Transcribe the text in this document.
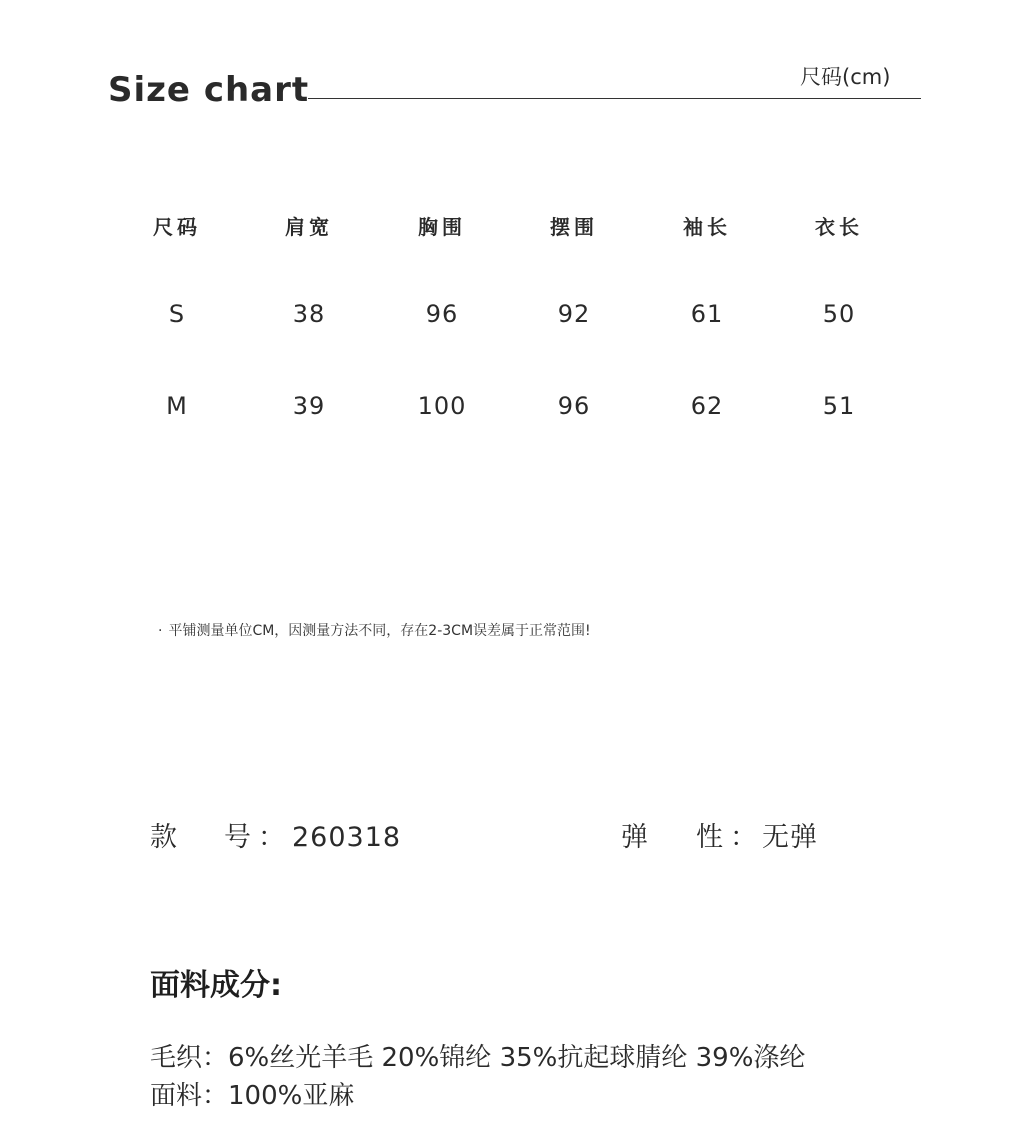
Size chart	尺码(cm)
尺码	肩宽	胸围	摆围	袖长	衣长
S	38	96	92	61	50
M	39	100	96	62	51
· 平铺测量单位CM，因测量方法不同，存在2-3CM误差属于正常范围!
款 号 ： 260318	弹 性 ： 无弹
面料成分:
毛织：6%丝光羊毛 20%锦纶 35%抗起球腈纶 39%涤纶
面料：100%亚麻
